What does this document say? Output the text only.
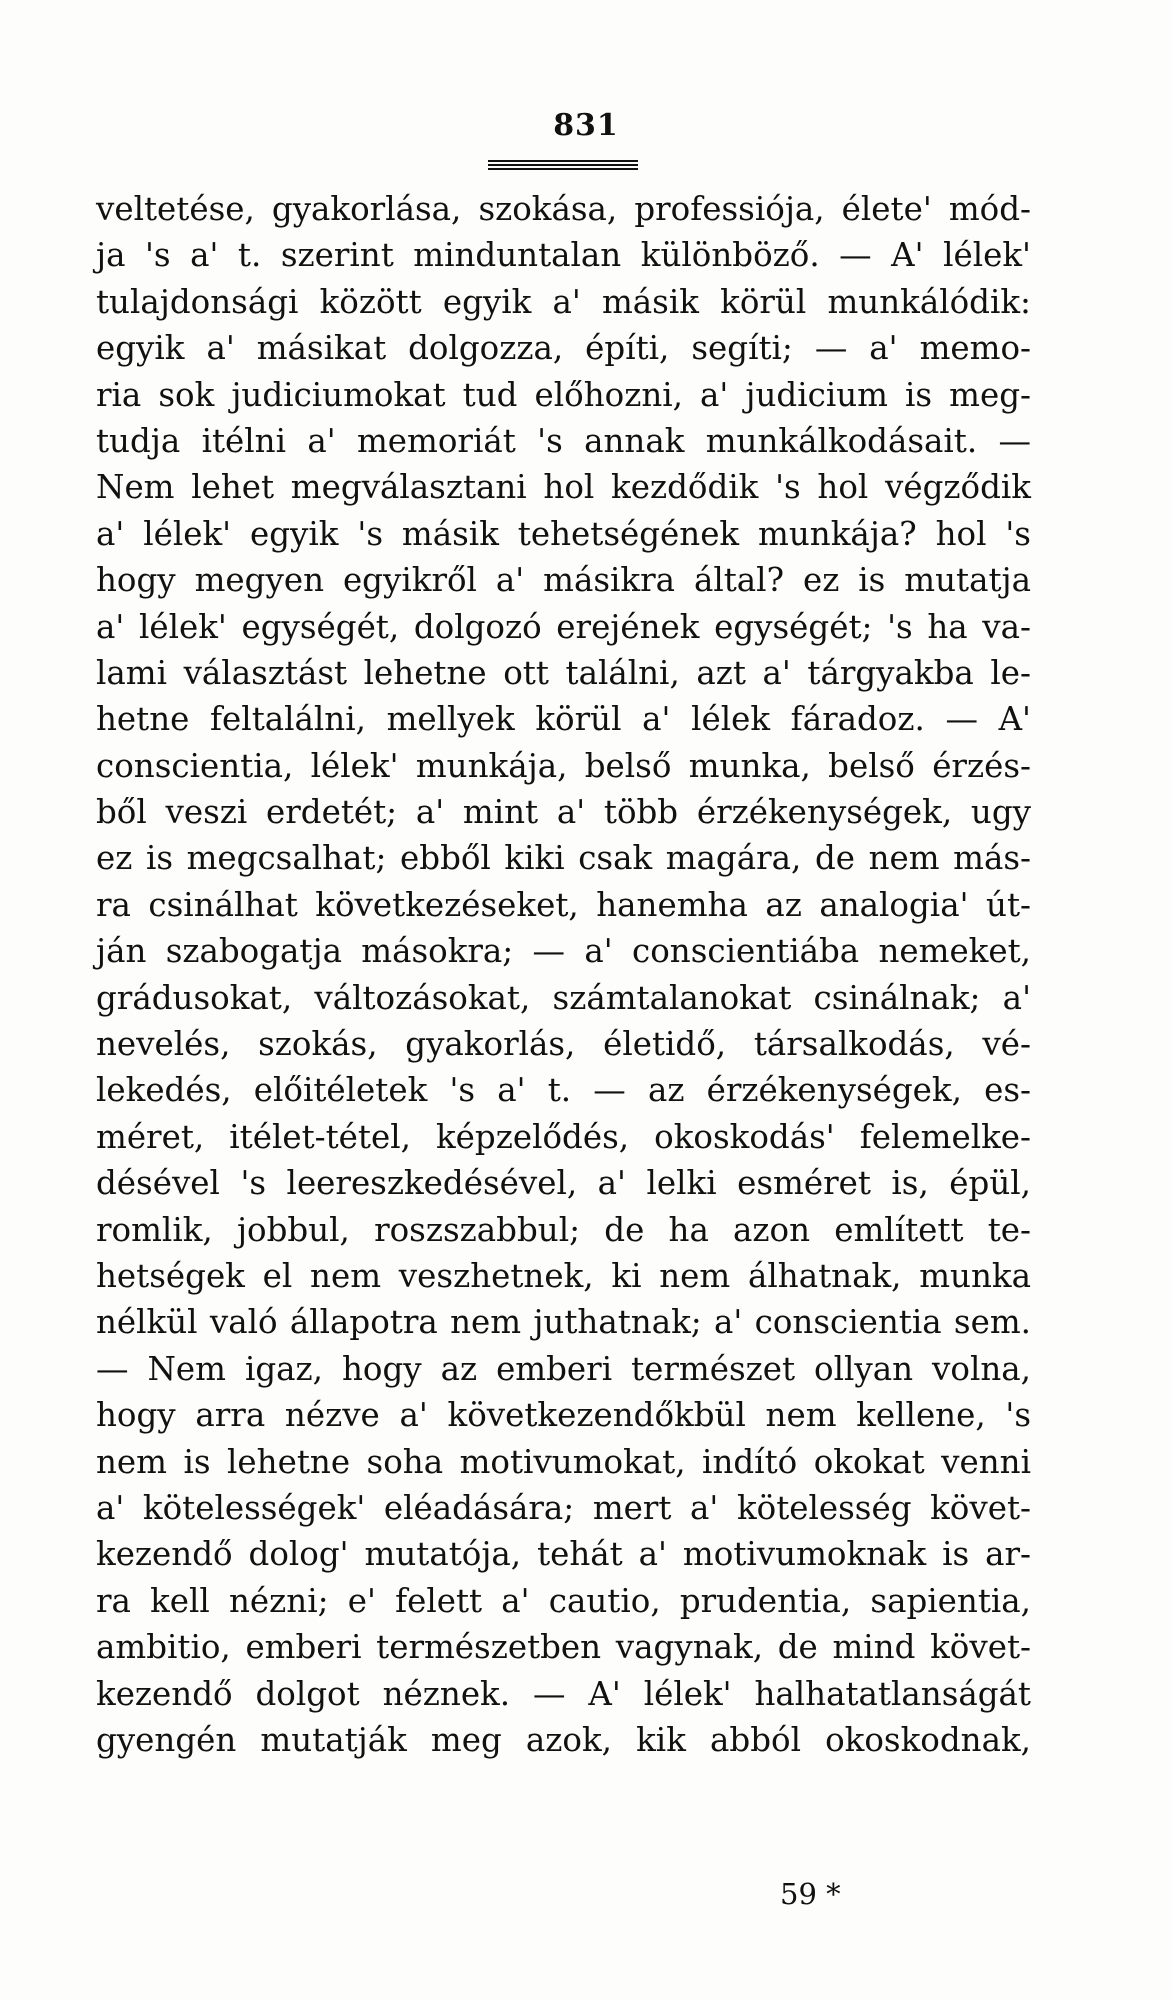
831
veltetése, gyakorlása, szokása, professiója, élete' mód-
ja 's a' t. szerint minduntalan különböző. — A' lélek'
tulajdonsági között egyik a' másik körül munkálódik:
egyik a' másikat dolgozza, építi, segíti; — a' memo-
ria sok judiciumokat tud előhozni, a' judicium is meg-
tudja itélni a' memoriát 's annak munkálkodásait. —
Nem lehet megválasztani hol kezdődik 's hol végződik
a' lélek' egyik 's másik tehetségének munkája? hol 's
hogy megyen egyikről a' másikra által? ez is mutatja
a' lélek' egységét, dolgozó erejének egységét; 's ha va-
lami választást lehetne ott találni, azt a' tárgyakba le-
hetne feltalálni, mellyek körül a' lélek fáradoz. — A'
conscientia, lélek' munkája, belső munka, belső érzés-
ből veszi erdetét; a' mint a' több érzékenységek, ugy
ez is megcsalhat; ebből kiki csak magára, de nem más-
ra csinálhat következéseket, hanemha az analogia' út-
ján szabogatja másokra; — a' conscientiába nemeket,
grádusokat, változásokat, számtalanokat csinálnak; a'
nevelés, szokás, gyakorlás, életidő, társalkodás, vé-
lekedés, előitéletek 's a' t. — az érzékenységek, es-
méret, itélet-tétel, képzelődés, okoskodás' felemelke-
désével 's leereszkedésével, a' lelki esméret is, épül,
romlik, jobbul, roszszabbul; de ha azon említett te-
hetségek el nem veszhetnek, ki nem álhatnak, munka
nélkül való állapotra nem juthatnak; a' conscientia sem.
— Nem igaz, hogy az emberi természet ollyan volna,
hogy arra nézve a' következendőkbül nem kellene, 's
nem is lehetne soha motivumokat, indító okokat venni
a' kötelességek' eléadására; mert a' kötelesség követ-
kezendő dolog' mutatója, tehát a' motivumoknak is ar-
ra kell nézni; e' felett a' cautio, prudentia, sapientia,
ambitio, emberi természetben vagynak, de mind követ-
kezendő dolgot néznek. — A' lélek' halhatatlanságát
gyengén mutatják meg azok, kik abból okoskodnak,
59 *
